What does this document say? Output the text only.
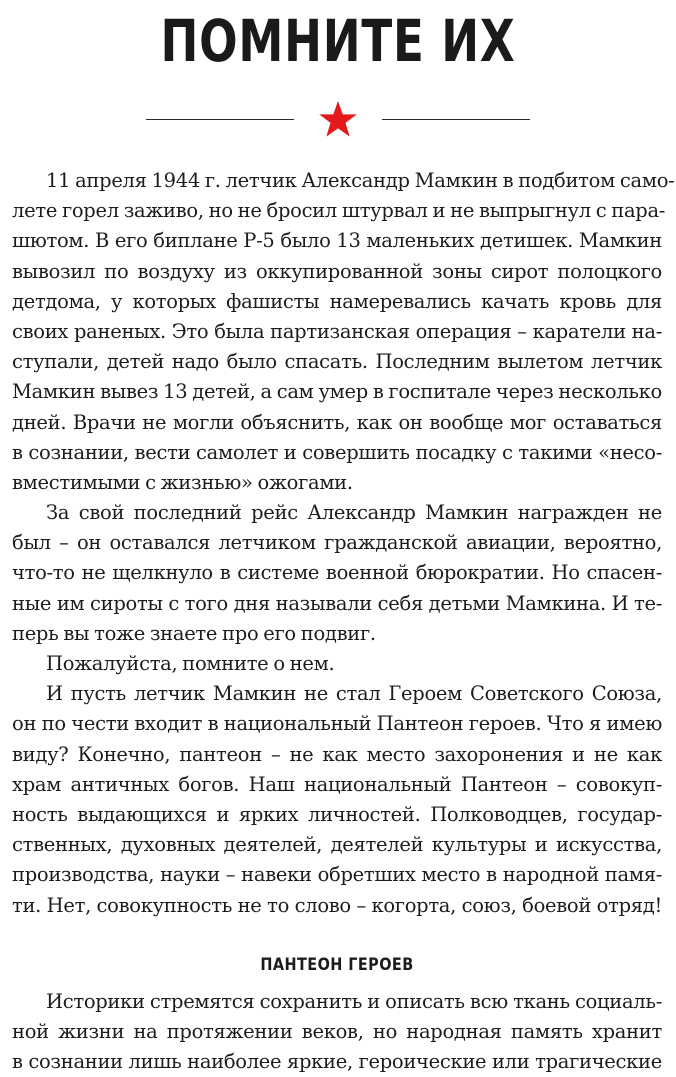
ПОМНИТЕ ИХ
11 апреля 1944 г. летчик Александр Мамкин в подбитом само-
лете горел заживо, но не бросил штурвал и не выпрыгнул с пара-
шютом. В его биплане Р-5 было 13 маленьких детишек. Мамкин
вывозил по воздуху из оккупированной зоны сирот полоцкого
детдома, у которых фашисты намеревались качать кровь для
своих раненых. Это была партизанская операция – каратели на-
ступали, детей надо было спасать. Последним вылетом летчик
Мамкин вывез 13 детей, а сам умер в госпитале через несколько
дней. Врачи не могли объяснить, как он вообще мог оставаться
в сознании, вести самолет и совершить посадку с такими «несо-
вместимыми с жизнью» ожогами.
За свой последний рейс Александр Мамкин награжден не
был – он оставался летчиком гражданской авиации, вероятно,
что-то не щелкнуло в системе военной бюрократии. Но спасен-
ные им сироты с того дня называли себя детьми Мамкина. И те-
перь вы тоже знаете про его подвиг.
Пожалуйста, помните о нем.
И пусть летчик Мамкин не стал Героем Советского Союза,
он по чести входит в национальный Пантеон героев. Что я имею
виду? Конечно, пантеон – не как место захоронения и не как
храм античных богов. Наш национальный Пантеон – совокуп-
ность выдающихся и ярких личностей. Полководцев, государ-
ственных, духовных деятелей, деятелей культуры и искусства,
производства, науки – навеки обретших место в народной памя-
ти. Нет, совокупность не то слово – когорта, союз, боевой отряд!
ПАНТЕОН ГЕРОЕВ
Историки стремятся сохранить и описать всю ткань социаль-
ной жизни на протяжении веков, но народная память хранит
в сознании лишь наиболее яркие, героические или трагические
